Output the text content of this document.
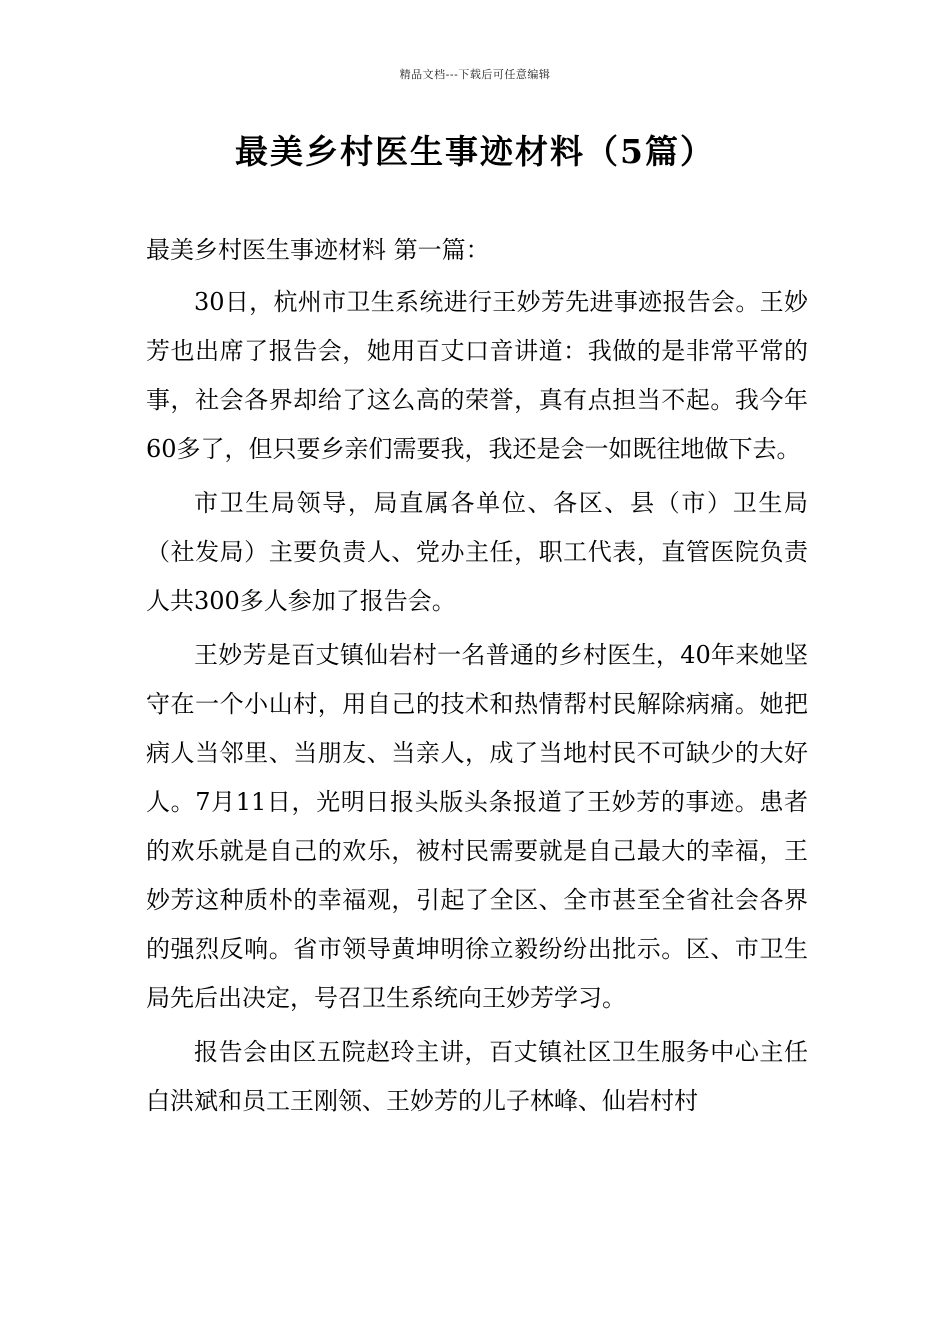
精品文档---下载后可任意编辑
最美乡村医生事迹材料（5篇）

最美乡村医生事迹材料 第一篇：

30日，杭州市卫生系统进行王妙芳先进事迹报告会。王妙芳也出席了报告会，她用百丈口音讲道：我做的是非常平常的事，社会各界却给了这么高的荣誉，真有点担当不起。我今年60多了，但只要乡亲们需要我，我还是会一如既往地做下去。

市卫生局领导，局直属各单位、各区、县（市）卫生局（社发局）主要负责人、党办主任，职工代表，直管医院负责人共300多人参加了报告会。

王妙芳是百丈镇仙岩村一名普通的乡村医生，40年来她坚守在一个小山村，用自己的技术和热情帮村民解除病痛。她把病人当邻里、当朋友、当亲人，成了当地村民不可缺少的大好人。7月11日，光明日报头版头条报道了王妙芳的事迹。患者的欢乐就是自己的欢乐，被村民需要就是自己最大的幸福，王妙芳这种质朴的幸福观，引起了全区、全市甚至全省社会各界的强烈反响。省市领导黄坤明徐立毅纷纷出批示。区、市卫生局先后出决定，号召卫生系统向王妙芳学习。

报告会由区五院赵玲主讲，百丈镇社区卫生服务中心主任白洪斌和员工王刚领、王妙芳的儿子林峰、仙岩村村
